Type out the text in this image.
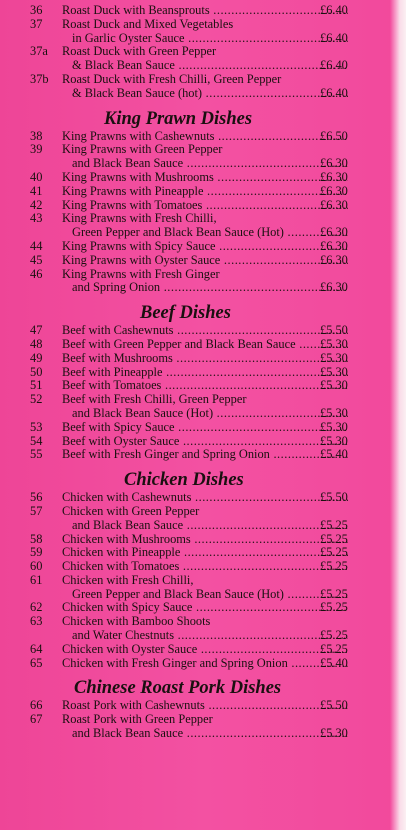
36 Roast Duck with Beansprouts .....	£6.40
37 Roast Duck and Mixed Vegetables
in Garlic Oyster Sauce .....	£6.40
37a Roast Duck with Green Pepper
& Black Bean Sauce .....	£6.40
37b Roast Duck with Fresh Chilli, Green Pepper
& Black Bean Sauce (hot) .....	£6.40
King Prawn Dishes
38 King Prawns with Cashewnuts .....	£6.50
39 King Prawns with Green Pepper
and Black Bean Sauce .....	£6.30
40 King Prawns with Mushrooms .....	£6.30
41 King Prawns with Pineapple .....	£6.30
42 King Prawns with Tomatoes .....	£6.30
43 King Prawns with Fresh Chilli,
Green Pepper and Black Bean Sauce (Hot) .....	£6.30
44 King Prawns with Spicy Sauce .....	£6.30
45 King Prawns with Oyster Sauce .....	£6.30
46 King Prawns with Fresh Ginger
and Spring Onion .....	£6.30
Beef Dishes
47 Beef with Cashewnuts .....	£5.50
48 Beef with Green Pepper and Black Bean Sauce .....	£5.30
49 Beef with Mushrooms .....	£5.30
50 Beef with Pineapple .....	£5.30
51 Beef with Tomatoes .....	£5.30
52 Beef with Fresh Chilli, Green Pepper
and Black Bean Sauce (Hot) .....	£5.30
53 Beef with Spicy Sauce .....	£5.30
54 Beef with Oyster Sauce .....	£5.30
55 Beef with Fresh Ginger and Spring Onion .....	£5.40
Chicken Dishes
56 Chicken with Cashewnuts .....	£5.50
57 Chicken with Green Pepper
and Black Bean Sauce .....	£5.25
58 Chicken with Mushrooms .....	£5.25
59 Chicken with Pineapple .....	£5.25
60 Chicken with Tomatoes .....	£5.25
61 Chicken with Fresh Chilli,
Green Pepper and Black Bean Sauce (Hot) .....	£5.25
62 Chicken with Spicy Sauce .....	£5.25
63 Chicken with Bamboo Shoots
and Water Chestnuts .....	£5.25
64 Chicken with Oyster Sauce .....	£5.25
65 Chicken with Fresh Ginger and Spring Onion .....	£5.40
Chinese Roast Pork Dishes
66 Roast Pork with Cashewnuts .....	£5.50
67 Roast Pork with Green Pepper
and Black Bean Sauce .....	£5.30
